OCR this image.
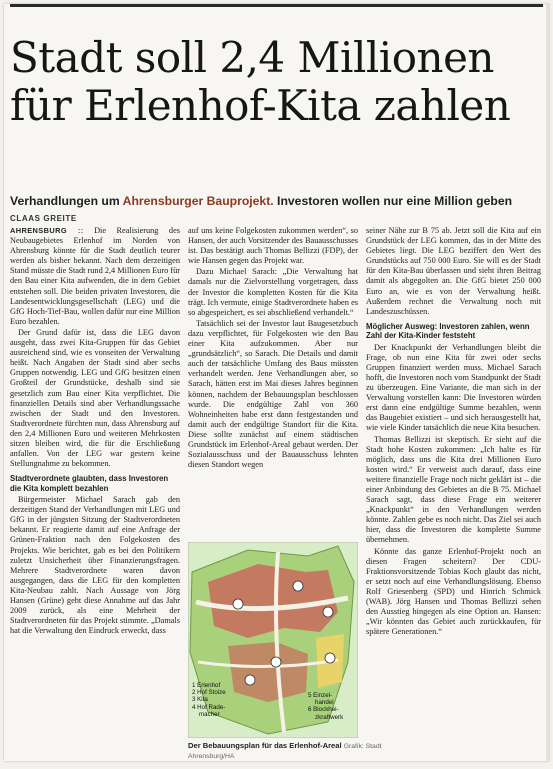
Stadt soll 2,4 Millionen
für Erlenhof-Kita zahlen
Verhandlungen um Ahrensburger Bauprojekt. Investoren wollen nur eine Million geben
CLAAS GREITE

AHRENSBURG :: Die Realisierung des Neubaugebietes Erlenhof im Norden von Ahrensburg könnte für die Stadt deutlich teurer werden als bisher bekannt. Nach dem derzeitigen Stand müsste die Stadt rund 2,4 Millionen Euro für den Bau einer Kita aufwenden, die in dem Gebiet entstehen soll. Die beiden privaten Investoren, die Landesentwicklungsgesellschaft (LEG) und die GfG Hoch-Tief-Bau, wollen dafür nur eine Million Euro bezahlen.

Der Grund dafür ist, dass die LEG davon ausgeht, dass zwei Kita-Gruppen für das Gebiet ausreichend sind, wie es vonseiten der Verwaltung heißt. Nach Angaben der Stadt sind aber sechs Gruppen notwendig. LEG und GfG besitzen einen Großteil der Grundstücke, deshalb sind sie gesetzlich zum Bau einer Kita verpflichtet. Die finanziellen Details sind aber Verhandlungssache zwischen der Stadt und den Investoren. Stadtverordnete fürchten nun, dass Ahrensburg auf den 2,4 Millionen Euro und weiteren Mehrkosten sitzen bleiben wird, die für die Erschließung anfallen. Von der LEG war gestern keine Stellungnahme zu bekommen.

Stadtverordnete glaubten, dass Investoren die Kita komplett bezahlen

Bürgermeister Michael Sarach gab den derzeitigen Stand der Verhandlungen mit LEG und GfG in der jüngsten Sitzung der Stadtverordneten bekannt. Er reagierte damit auf eine Anfrage der Grünen-Fraktion nach den Folgekosten des Projekts. Wie berichtet, gab es bei den Politikern zuletzt Unsicherheit über Finanzierungsfragen. Mehrere Stadtverordnete waren davon ausgegangen, dass die LEG für den kompletten Kita-Neubau zahlt. Nach Aussage von Jörg Hansen (Grüne) geht diese Annahme auf das Jahr 2009 zurück, als eine Mehrheit der Stadtverordneten für das Projekt stimmte. „Damals hat die Verwaltung den Eindruck erweckt, dass

auf uns keine Folgekosten zukommen werden“, so Hansen, der auch Vorsitzender des Bauausschusses ist. Das bestätigt auch Thomas Bellizzi (FDP), der wie Hansen gegen das Projekt war.

Dazu Michael Sarach: „Die Verwaltung hat damals nur die Zielvorstellung vorgetragen, dass der Investor die kompletten Kosten für die Kita trägt. Ich vermute, einige Stadtverordnete haben es so abgespeichert, es sei abschließend verhandelt.“

Tatsächlich sei der Investor laut Baugesetzbuch dazu verpflichtet, für Folgekosten wie den Bau einer Kita aufzukommen. Aber nur „grundsätzlich“, so Sarach. Die Details und damit auch der tatsächliche Umfang des Baus müssten verhandelt werden. Jene Verhandlungen aber, so Sarach, hätten erst im Mai dieses Jahres beginnen können, nachdem der Bebauungsplan beschlossen wurde. Die endgültige Zahl von 360 Wohneinheiten habe erst dann festgestanden und damit auch der endgültige Standort für die Kita. Diese sollte zunächst auf einem städtischen Grundstück im Erlenhof-Areal gebaut werden. Der Sozialausschuss und der Bauausschuss lehnten diesen Standort wegen

1 Erlenhof
2 Hof Stoize
3 Kita
4 Hof Rade-
macher
5 Einzel-
handel
6 Blockhei-
zkraftwerk
Der Bebauungsplan für das Erlenhof-Areal Grafik: Stadt Ahrensburg/HA

seiner Nähe zur B 75 ab. Jetzt soll die Kita auf ein Grundstück der LEG kommen, das in der Mitte des Gebietes liegt. Die LEG beziffert den Wert des Grundstücks auf 750 000 Euro. Sie will es der Stadt für den Kita-Bau überlassen und sieht ihren Beitrag damit als abgegolten an. Die GfG bietet 250 000 Euro an, wie es von der Verwaltung heißt. Außerdem rechnet die Verwaltung noch mit Landeszuschüssen.

Möglicher Ausweg: Investoren zahlen, wenn Zahl der Kita-Kinder feststeht

Der Knackpunkt der Verhandlungen bleibt die Frage, ob nun eine Kita für zwei oder sechs Gruppen finanziert werden muss. Michael Sarach hofft, die Investoren noch vom Standpunkt der Stadt zu überzeugen. Eine Variante, die man sich in der Verwaltung vorstellen kann: Die Investoren würden erst dann eine endgültige Summe bezahlen, wenn das Baugebiet existiert – und sich herausgestellt hat, wie viele Kinder tatsächlich die neue Kita besuchen.

Thomas Bellizzi ist skeptisch. Er sieht auf die Stadt hohe Kosten zukommen: „Ich halte es für möglich, dass uns die Kita drei Millionen Euro kosten wird.“ Er verweist auch darauf, dass eine weitere finanzielle Frage noch nicht geklärt ist – die einer Anbindung des Gebietes an die B 75. Michael Sarach sagt, dass diese Frage ein weiterer „Knackpunkt“ in den Verhandlungen werden könnte. Zahlen gebe es noch nicht. Das Ziel sei auch hier, dass die Investoren die komplette Summe übernehmen.

Könnte das ganze Erlenhof-Projekt noch an diesen Fragen scheitern? Der CDU-Fraktionsvorsitzende Tobias Koch glaubt das nicht, er setzt noch auf eine Verhandlungslösung. Ebenso Rolf Griesenberg (SPD) und Hinrich Schmick (WAB). Jörg Hansen und Thomas Bellizzi sehen den Ausstieg hingegen als eine Option an. Hansen: „Wir könnten das Gebiet auch zurückkaufen, für spätere Generationen.“
